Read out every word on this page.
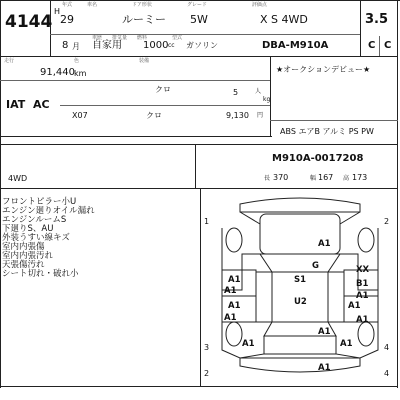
年式　　　車名　　　　　　　ドア形状　　　　　　　グレード　　　　　　　　　評価点
4144
H
29	ルーミー 5W	X S 4WD	3.5
車歴　　排気量　　燃料　　　　　型式
8 月 自家用 1000 cc ガソリン	DBA-M910A	C C
走行　　　　　　　　　　　　色　　　　　　　　　　　　装備
91,440 km
IAT AC
クロ	5	人
kg
X07	クロ	9,130 円
★オークションデビュー★
ABS エアB アルミ PS PW
4WD
M910A-0017208
長 370	幅 167 高 173
フロントピラー小U
エンジン廻りオイル漏れ
エンジンルームS
下廻りS、AU
外装うすい線キズ
室内内張傷
室内内張汚れ
天張傷汚れ
シート切れ・破れ小
1	2
3	4
2	4
A1
A1
A1	A1
S1
G	XX
A1
B1
A1
U2
A1
A1	A1
A1	A1
A1
